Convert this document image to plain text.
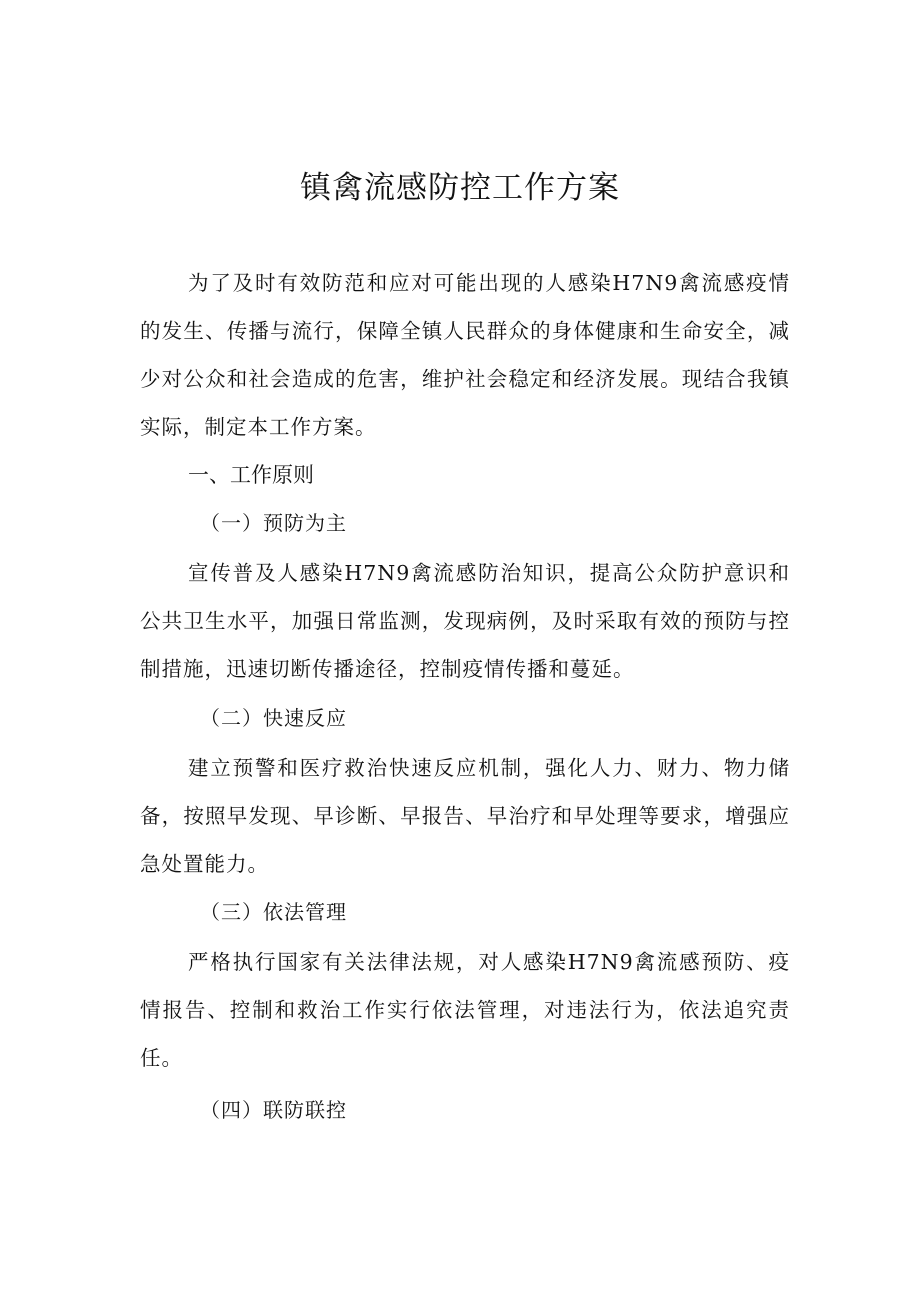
镇禽流感防控工作方案

为了及时有效防范和应对可能出现的人感染H7N9禽流感疫情的发生、传播与流行，保障全镇人民群众的身体健康和生命安全，减少对公众和社会造成的危害，维护社会稳定和经济发展。现结合我镇实际，制定本工作方案。

一、工作原则

（一）预防为主

宣传普及人感染H7N9禽流感防治知识，提高公众防护意识和公共卫生水平，加强日常监测，发现病例，及时采取有效的预防与控制措施，迅速切断传播途径，控制疫情传播和蔓延。

（二）快速反应

建立预警和医疗救治快速反应机制，强化人力、财力、物力储备，按照早发现、早诊断、早报告、早治疗和早处理等要求，增强应急处置能力。

（三）依法管理

严格执行国家有关法律法规，对人感染H7N9禽流感预防、疫情报告、控制和救治工作实行依法管理，对违法行为，依法追究责任。

（四）联防联控
